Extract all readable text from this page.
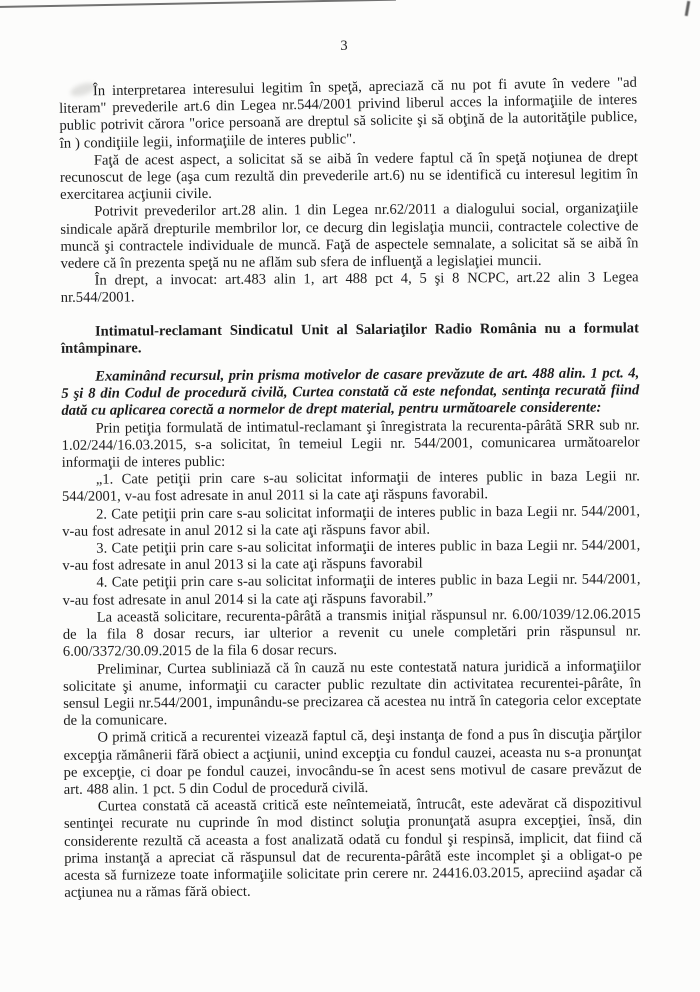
3

În interpretarea interesului legitim în speţă, apreciază că nu pot fi avute în vedere "ad literam" prevederile art.6 din Legea nr.544/2001 privind liberul acces la informaţiile de interes public potrivit cărora "orice persoană are dreptul să solicite şi să obţină de la autorităţile publice, în ) condiţiile legii, informaţiile de interes public".

Faţă de acest aspect, a solicitat să se aibă în vedere faptul că în speţă noţiunea de drept recunoscut de lege (aşa cum rezultă din prevederile art.6) nu se identifică cu interesul legitim în exercitarea acţiunii civile.

Potrivit prevederilor art.28 alin. 1 din Legea nr.62/2011 a dialogului social, organizaţiile sindicale apără drepturile membrilor lor, ce decurg din legislaţia muncii, contractele colective de muncă şi contractele individuale de muncă. Faţă de aspectele semnalate, a solicitat să se aibă în vedere că în prezenta speţă nu ne aflăm sub sfera de influenţă a legislaţiei muncii.

În drept, a invocat: art.483 alin 1, art 488 pct 4, 5 şi 8 NCPC, art.22 alin 3 Legea nr.544/2001.

Intimatul-reclamant Sindicatul Unit al Salariaţilor Radio România nu a formulat întâmpinare.

Examinând recursul, prin prisma motivelor de casare prevăzute de art. 488 alin. 1 pct. 4, 5 şi 8 din Codul de procedură civilă, Curtea constată că este nefondat, sentinţa recurată fiind dată cu aplicarea corectă a normelor de drept material, pentru următoarele considerente:

Prin petiţia formulată de intimatul-reclamant şi înregistrata la recurenta-pârâtă SRR sub nr. 1.02/244/16.03.2015, s-a solicitat, în temeiul Legii nr. 544/2001, comunicarea următoarelor informaţii de interes public:

„1. Cate petiţii prin care s-au solicitat informaţii de interes public in baza Legii nr. 544/2001, v-au fost adresate in anul 2011 si la cate aţi răspuns favorabil.

2. Cate petiţii prin care s-au solicitat informaţii de interes public in baza Legii nr. 544/2001, v-au fost adresate in anul 2012 si la cate aţi răspuns favor abil.

3. Cate petiţii prin care s-au solicitat informaţii de interes public in baza Legii nr. 544/2001, v-au fost adresate in anul 2013 si la cate aţi răspuns favorabil

4. Cate petiţii prin care s-au solicitat informaţii de interes public in baza Legii nr. 544/2001, v-au fost adresate in anul 2014 si la cate aţi răspuns favorabil.”

La această solicitare, recurenta-pârâtă a transmis iniţial răspunsul nr. 6.00/1039/12.06.2015 de la fila 8 dosar recurs, iar ulterior a revenit cu unele completări prin răspunsul nr. 6.00/3372/30.09.2015 de la fila 6 dosar recurs.

Preliminar, Curtea subliniază că în cauză nu este contestată natura juridică a informaţiilor solicitate şi anume, informaţii cu caracter public rezultate din activitatea recurentei-pârâte, în sensul Legii nr.544/2001, impunându-se precizarea că acestea nu intră în categoria celor exceptate de la comunicare.

O primă critică a recurentei vizează faptul că, deşi instanţa de fond a pus în discuţia părţilor excepţia rămânerii fără obiect a acţiunii, unind excepţia cu fondul cauzei, aceasta nu s-a pronunţat pe excepţie, ci doar pe fondul cauzei, invocându-se în acest sens motivul de casare prevăzut de art. 488 alin. 1 pct. 5 din Codul de procedură civilă.

Curtea constată că această critică este neîntemeiată, întrucât, este adevărat că dispozitivul sentinţei recurate nu cuprinde în mod distinct soluţia pronunţată asupra excepţiei, însă, din considerente rezultă că aceasta a fost analizată odată cu fondul şi respinsă, implicit, dat fiind că prima instanţă a apreciat că răspunsul dat de recurenta-pârâtă este incomplet şi a obligat-o pe acesta să furnizeze toate informaţiile solicitate prin cerere nr. 24416.03.2015, apreciind aşadar că acţiunea nu a rămas fără obiect.
